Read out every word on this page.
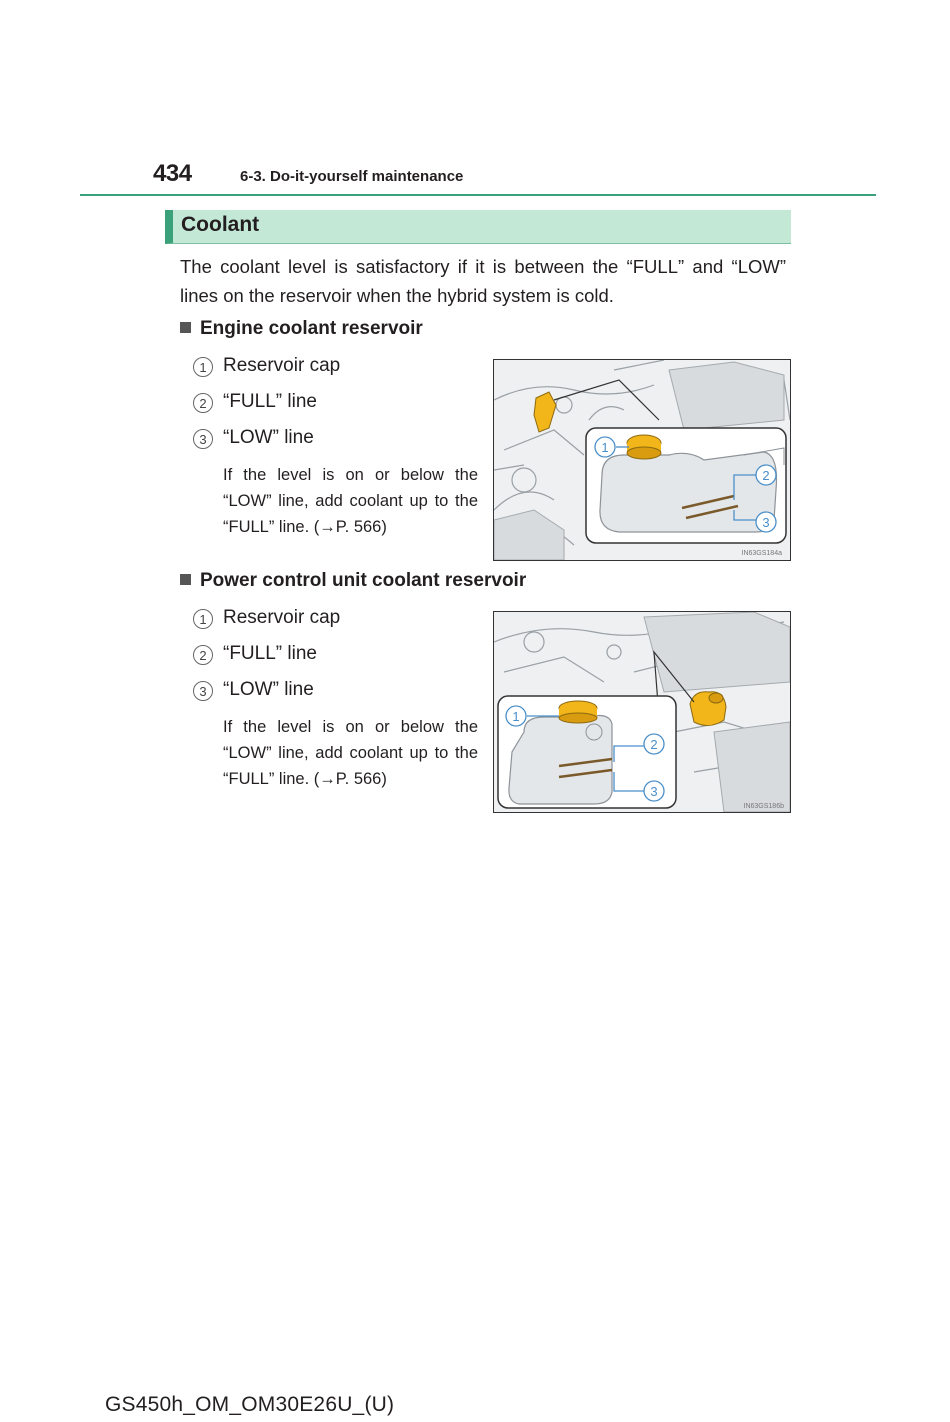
434	6-3. Do-it-yourself maintenance
Coolant
The coolant level is satisfactory if it is between the “FULL” and “LOW” lines on the reservoir when the hybrid system is cold.
Engine coolant reservoir
1 Reservoir cap
2 “FULL” line
3 “LOW” line
If the level is on or below the “LOW” line, add coolant up to the “FULL” line. (→P. 566)
1
2
3
IN63GS184a
Power control unit coolant reservoir
1 Reservoir cap
2 “FULL” line
3 “LOW” line
If the level is on or below the “LOW” line, add coolant up to the “FULL” line. (→P. 566)
1
2
3
IN63GS186b
GS450h_OM_OM30E26U_(U)
